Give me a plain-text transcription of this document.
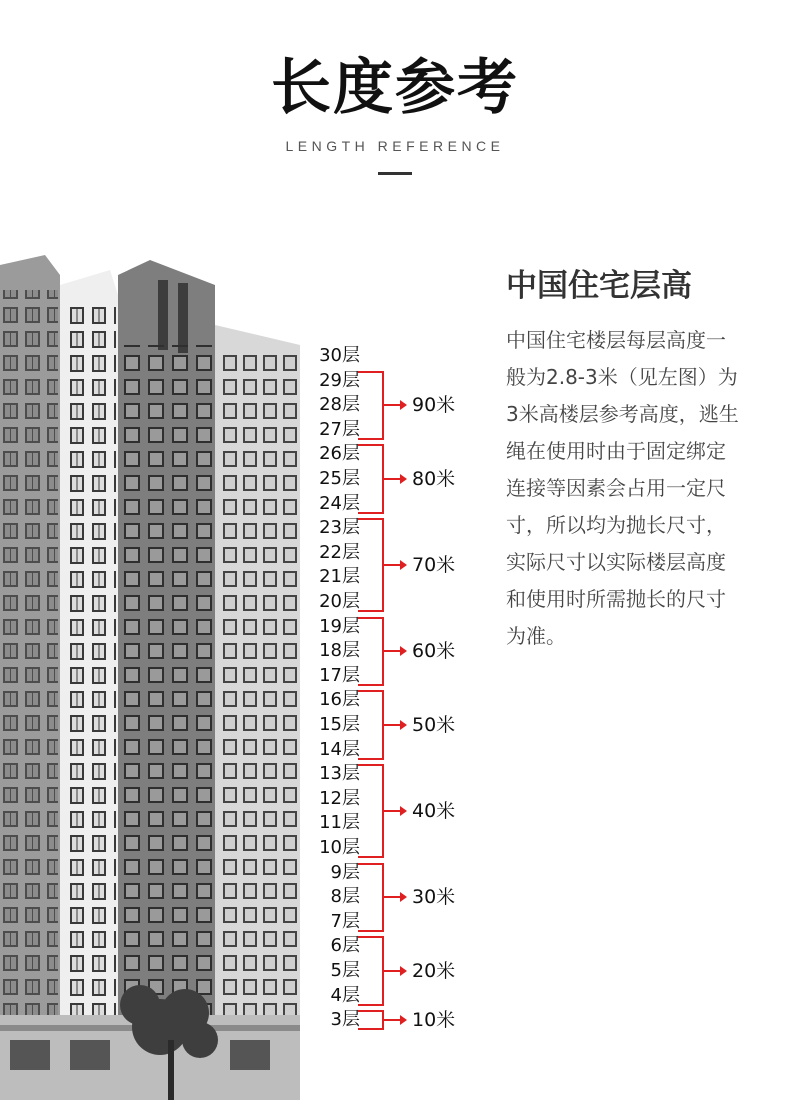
长度参考
LENGTH REFERENCE
30层
29层
28层
27层
26层
25层
24层
23层
22层
21层
20层
19层
18层
17层
16层
15层
14层
13层
12层
11层
10层
9层
8层
7层
6层
5层
4层
3层
90米
80米
70米
60米
50米
40米
30米
20米
10米
中国住宅层高
中国住宅楼层每层高度一般为2.8-3米（见左图）为3米高楼层参考高度，逃生绳在使用时由于固定绑定连接等因素会占用一定尺寸，所以均为抛长尺寸，实际尺寸以实际楼层高度和使用时所需抛长的尺寸为准。
